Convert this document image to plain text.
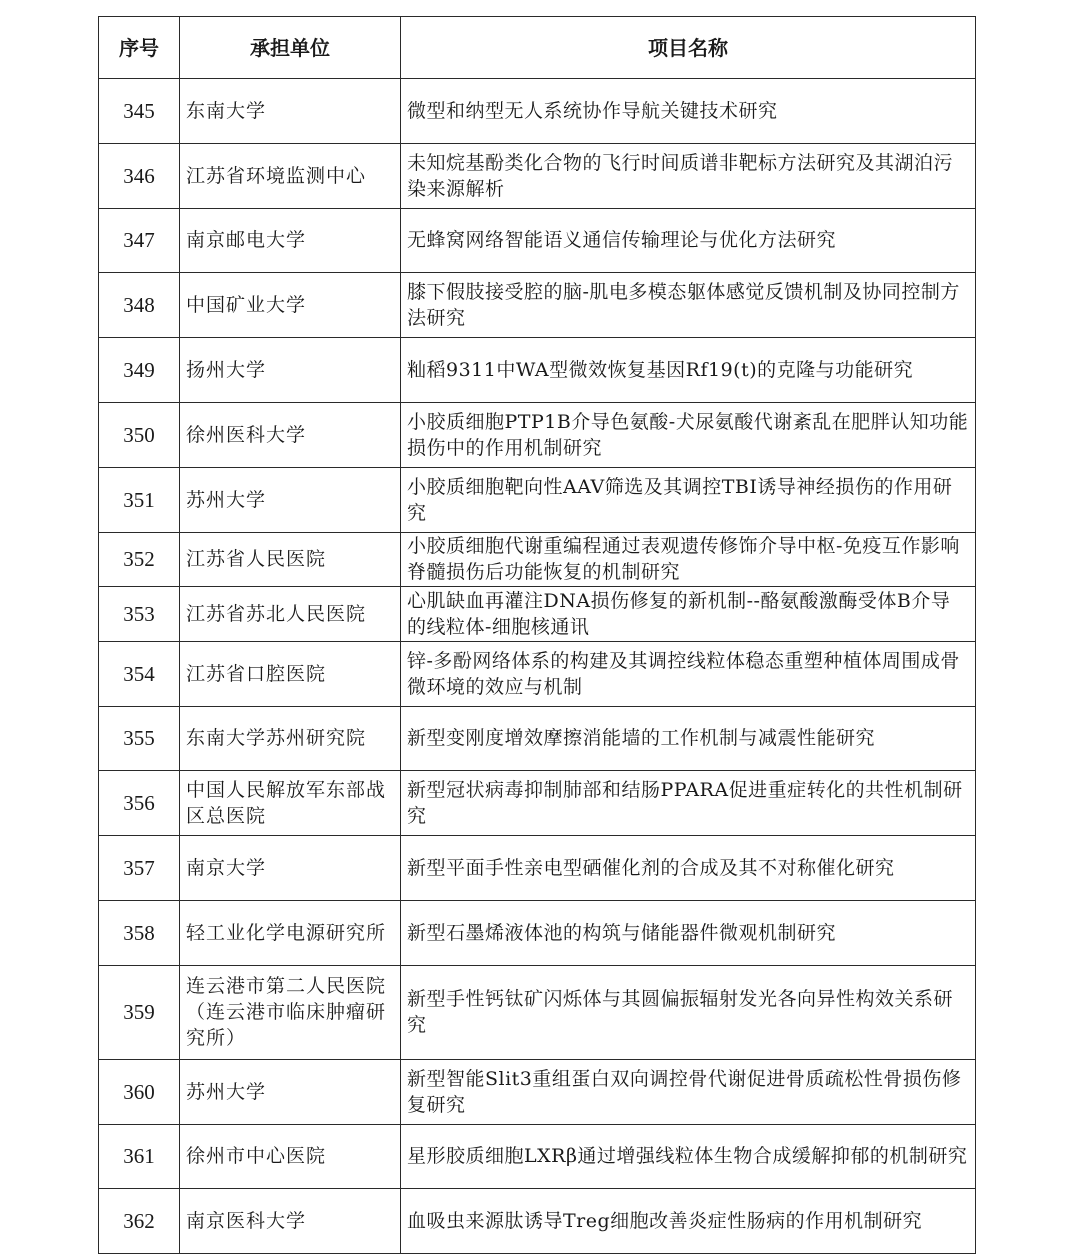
序号	承担单位	项目名称
345	东南大学	微型和纳型无人系统协作导航关键技术研究
346	江苏省环境监测中心	未知烷基酚类化合物的飞行时间质谱非靶标方法研究及其湖泊污染来源解析
347	南京邮电大学	无蜂窝网络智能语义通信传输理论与优化方法研究
348	中国矿业大学	膝下假肢接受腔的脑-肌电多模态躯体感觉反馈机制及协同控制方法研究
349	扬州大学	籼稻9311中WA型微效恢复基因Rf19(t)的克隆与功能研究
350	徐州医科大学	小胶质细胞PTP1B介导色氨酸-犬尿氨酸代谢紊乱在肥胖认知功能损伤中的作用机制研究
351	苏州大学	小胶质细胞靶向性AAV筛选及其调控TBI诱导神经损伤的作用研究
352	江苏省人民医院	小胶质细胞代谢重编程通过表观遗传修饰介导中枢-免疫互作影响脊髓损伤后功能恢复的机制研究
353	江苏省苏北人民医院	心肌缺血再灌注DNA损伤修复的新机制--酪氨酸激酶受体B介导的线粒体-细胞核通讯
354	江苏省口腔医院	锌-多酚网络体系的构建及其调控线粒体稳态重塑种植体周围成骨微环境的效应与机制
355	东南大学苏州研究院	新型变刚度增效摩擦消能墙的工作机制与减震性能研究
356	中国人民解放军东部战区总医院	新型冠状病毒抑制肺部和结肠PPARA促进重症转化的共性机制研究
357	南京大学	新型平面手性亲电型硒催化剂的合成及其不对称催化研究
358	轻工业化学电源研究所	新型石墨烯液体池的构筑与储能器件微观机制研究
359	连云港市第二人民医院（连云港市临床肿瘤研究所）	新型手性钙钛矿闪烁体与其圆偏振辐射发光各向异性构效关系研究
360	苏州大学	新型智能Slit3重组蛋白双向调控骨代谢促进骨质疏松性骨损伤修复研究
361	徐州市中心医院	星形胶质细胞LXRβ通过增强线粒体生物合成缓解抑郁的机制研究
362	南京医科大学	血吸虫来源肽诱导Treg细胞改善炎症性肠病的作用机制研究
